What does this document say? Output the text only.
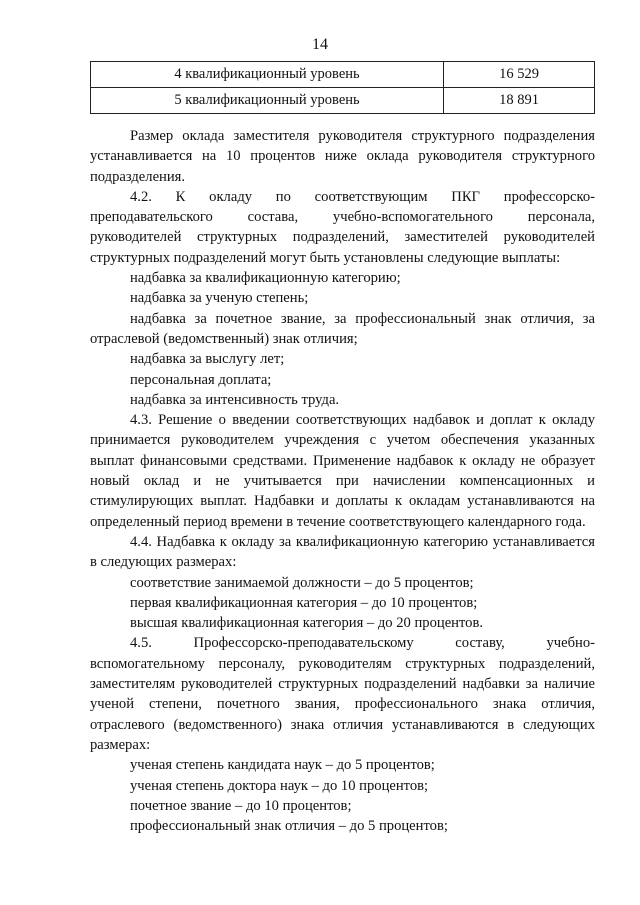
14
4 квалификационный уровень	16 529
5 квалификационный уровень	18 891

Размер оклада заместителя руководителя структурного подразделения устанавливается на 10 процентов ниже оклада руководителя структурного подразделения.

4.2. К окладу по соответствующим ПКГ профессорско-преподавательского состава, учебно-вспомогательного персонала, руководителей структурных подразделений, заместителей руководителей структурных подразделений могут быть установлены следующие выплаты:

надбавка за квалификационную категорию;

надбавка за ученую степень;

надбавка за почетное звание, за профессиональный знак отличия, за отраслевой (ведомственный) знак отличия;

надбавка за выслугу лет;

персональная доплата;

надбавка за интенсивность труда.

4.3. Решение о введении соответствующих надбавок и доплат к окладу принимается руководителем учреждения с учетом обеспечения указанных выплат финансовыми средствами. Применение надбавок к окладу не образует новый оклад и не учитывается при начислении компенсационных и стимулирующих выплат. Надбавки и доплаты к окладам устанавливаются на определенный период времени в течение соответствующего календарного года.

4.4. Надбавка к окладу за квалификационную категорию устанавливается в следующих размерах:

соответствие занимаемой должности – до 5 процентов;

первая квалификационная категория – до 10 процентов;

высшая квалификационная категория – до 20 процентов.

4.5. Профессорско-преподавательскому составу, учебно-вспомогательному персоналу, руководителям структурных подразделений, заместителям руководителей структурных подразделений надбавки за наличие ученой степени, почетного звания, профессионального знака отличия, отраслевого (ведомственного) знака отличия устанавливаются в следующих размерах:

ученая степень кандидата наук – до 5 процентов;

ученая степень доктора наук – до 10 процентов;

почетное звание – до 10 процентов;

профессиональный знак отличия – до 5 процентов;
